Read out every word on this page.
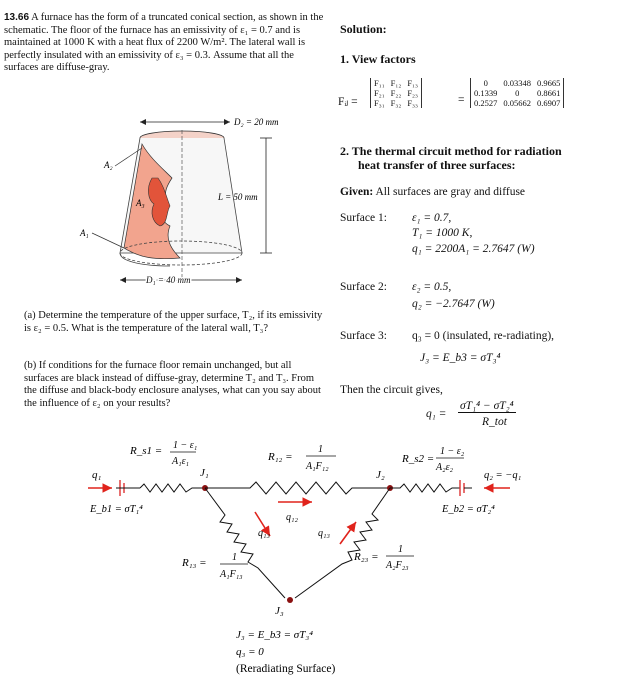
13.66 A furnace has the form of a truncated conical section, as shown in the schematic. The floor of the furnace has an emissivity of ε₁ = 0.7 and is maintained at 1000 K with a heat flux of 2200 W/m². The lateral wall is perfectly insulated with an emissivity of ε₃ = 0.3. Assume that all the surfaces are diffuse-gray.
D₂ = 20 mm
L = 50 mm
D₁ = 40 mm
A₂
A₃
A₁
(a) Determine the temperature of the upper surface, T₂, if its emissivity is ε₂ = 0.5. What is the temperature of the lateral wall, T₃?
(b) If conditions for the furnace floor remain unchanged, but all surfaces are black instead of diffuse-gray, determine T₂ and T₃. From the diffuse and black-body enclosure analyses, what can you say about the influence of ε₂ on your results?
Solution:
1. View factors
Fᵢⱼ =
F₁₁	F₁₂	F₁₃
F₂₁	F₂₂	F₂₃
F₃₁	F₃₂	F₃₃	=
0	0.03348	0.9665
0.1339	0	0.8661
0.2527	0.05662	0.6907
2. The thermal circuit method for radiation
heat transfer of three surfaces:
Given: All surfaces are gray and diffuse
Surface 1: ε₁ = 0.7,
T₁ = 1000 K,
q₁ = 2200A₁ = 2.7647 (W)
Surface 2: ε₂ = 0.5,
q₂ = −2.7647 (W)
Surface 3: q₃ = 0 (insulated, re-radiating),
J₃ = E_b3 = σT₃⁴
Then the circuit gives,
q₁ =
σT₁⁴ − σT₂⁴
R_tot
q₁
R_s1 = 1 − ε₁
A₁ε₁
J₁
E_b1 = σT₁⁴
R₁₂ =
1
A₁F₁₂
q₁₂
J₂
R_s2 =
1 − ε₂
A₂ε₂
q₂ = −q₁
E_b2 = σT₂⁴
q₁₃
R₁₃ =	1
A₁F₁₃
q₁₃
R₂₃ =
1
A₂F₂₃
J₃
J₃ = E_b3 = σT₃⁴
q₃ = 0
(Reradiating Surface)
